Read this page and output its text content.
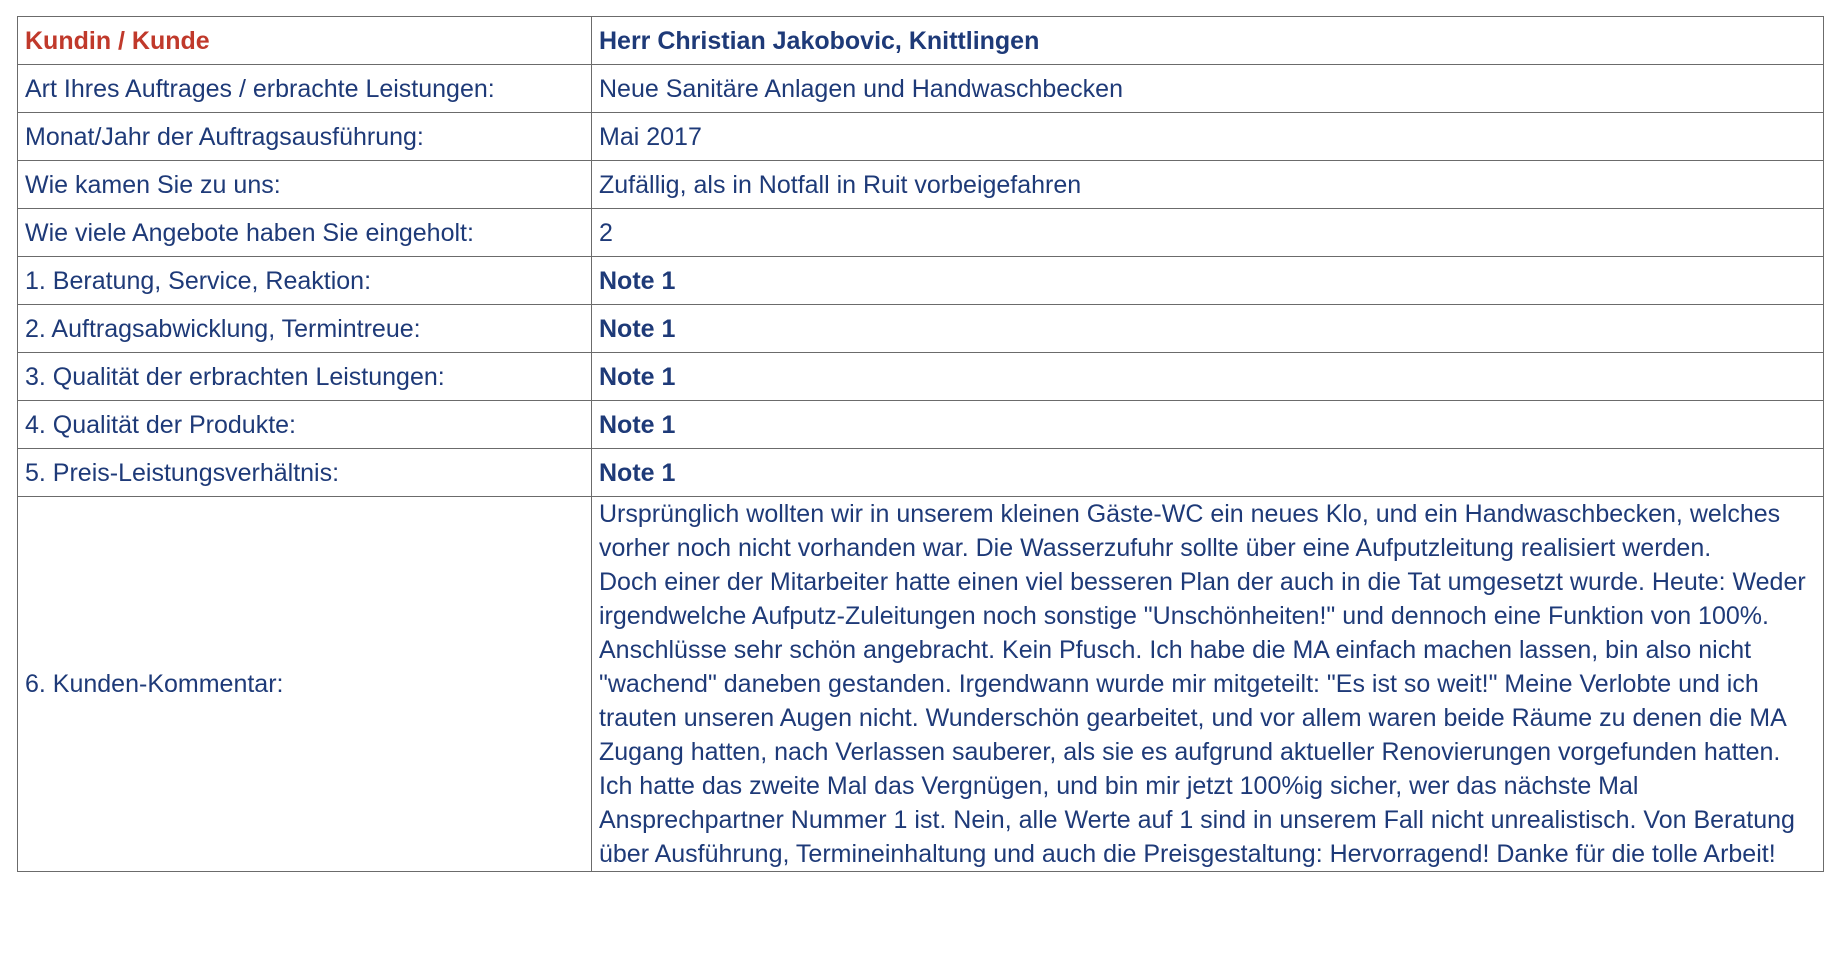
Kundin / Kunde	Herr Christian Jakobovic, Knittlingen
Art Ihres Auftrages / erbrachte Leistungen:	Neue Sanitäre Anlagen und Handwaschbecken
Monat/Jahr der Auftragsausführung:	Mai 2017
Wie kamen Sie zu uns:	Zufällig, als in Notfall in Ruit vorbeigefahren
Wie viele Angebote haben Sie eingeholt:	2
1. Beratung, Service, Reaktion:	Note 1
2. Auftragsabwicklung, Termintreue:	Note 1
3. Qualität der erbrachten Leistungen:	Note 1
4. Qualität der Produkte:	Note 1
5. Preis-Leistungsverhältnis:	Note 1
6. Kunden-Kommentar:	Ursprünglich wollten wir in unserem kleinen Gäste-WC ein neues Klo, und ein Handwaschbecken, welches vorher noch nicht vorhanden war. Die Wasserzufuhr sollte über eine Aufputzleitung realisiert werden.
Doch einer der Mitarbeiter hatte einen viel besseren Plan der auch in die Tat umgesetzt wurde. Heute: Weder irgendwelche Aufputz-Zuleitungen noch sonstige "Unschönheiten!" und dennoch eine Funktion von 100%. Anschlüsse sehr schön angebracht. Kein Pfusch. Ich habe die MA einfach machen lassen, bin also nicht "wachend" daneben gestanden. Irgendwann wurde mir mitgeteilt: "Es ist so weit!" Meine Verlobte und ich trauten unseren Augen nicht. Wunderschön gearbeitet, und vor allem waren beide Räume zu denen die MA Zugang hatten, nach Verlassen sauberer, als sie es aufgrund aktueller Renovierungen vorgefunden hatten. Ich hatte das zweite Mal das Vergnügen, und bin mir jetzt 100%ig sicher, wer das nächste Mal Ansprechpartner Nummer 1 ist. Nein, alle Werte auf 1 sind in unserem Fall nicht unrealistisch. Von Beratung über Ausführung, Termineinhaltung und auch die Preisgestaltung: Hervorragend! Danke für die tolle Arbeit!
